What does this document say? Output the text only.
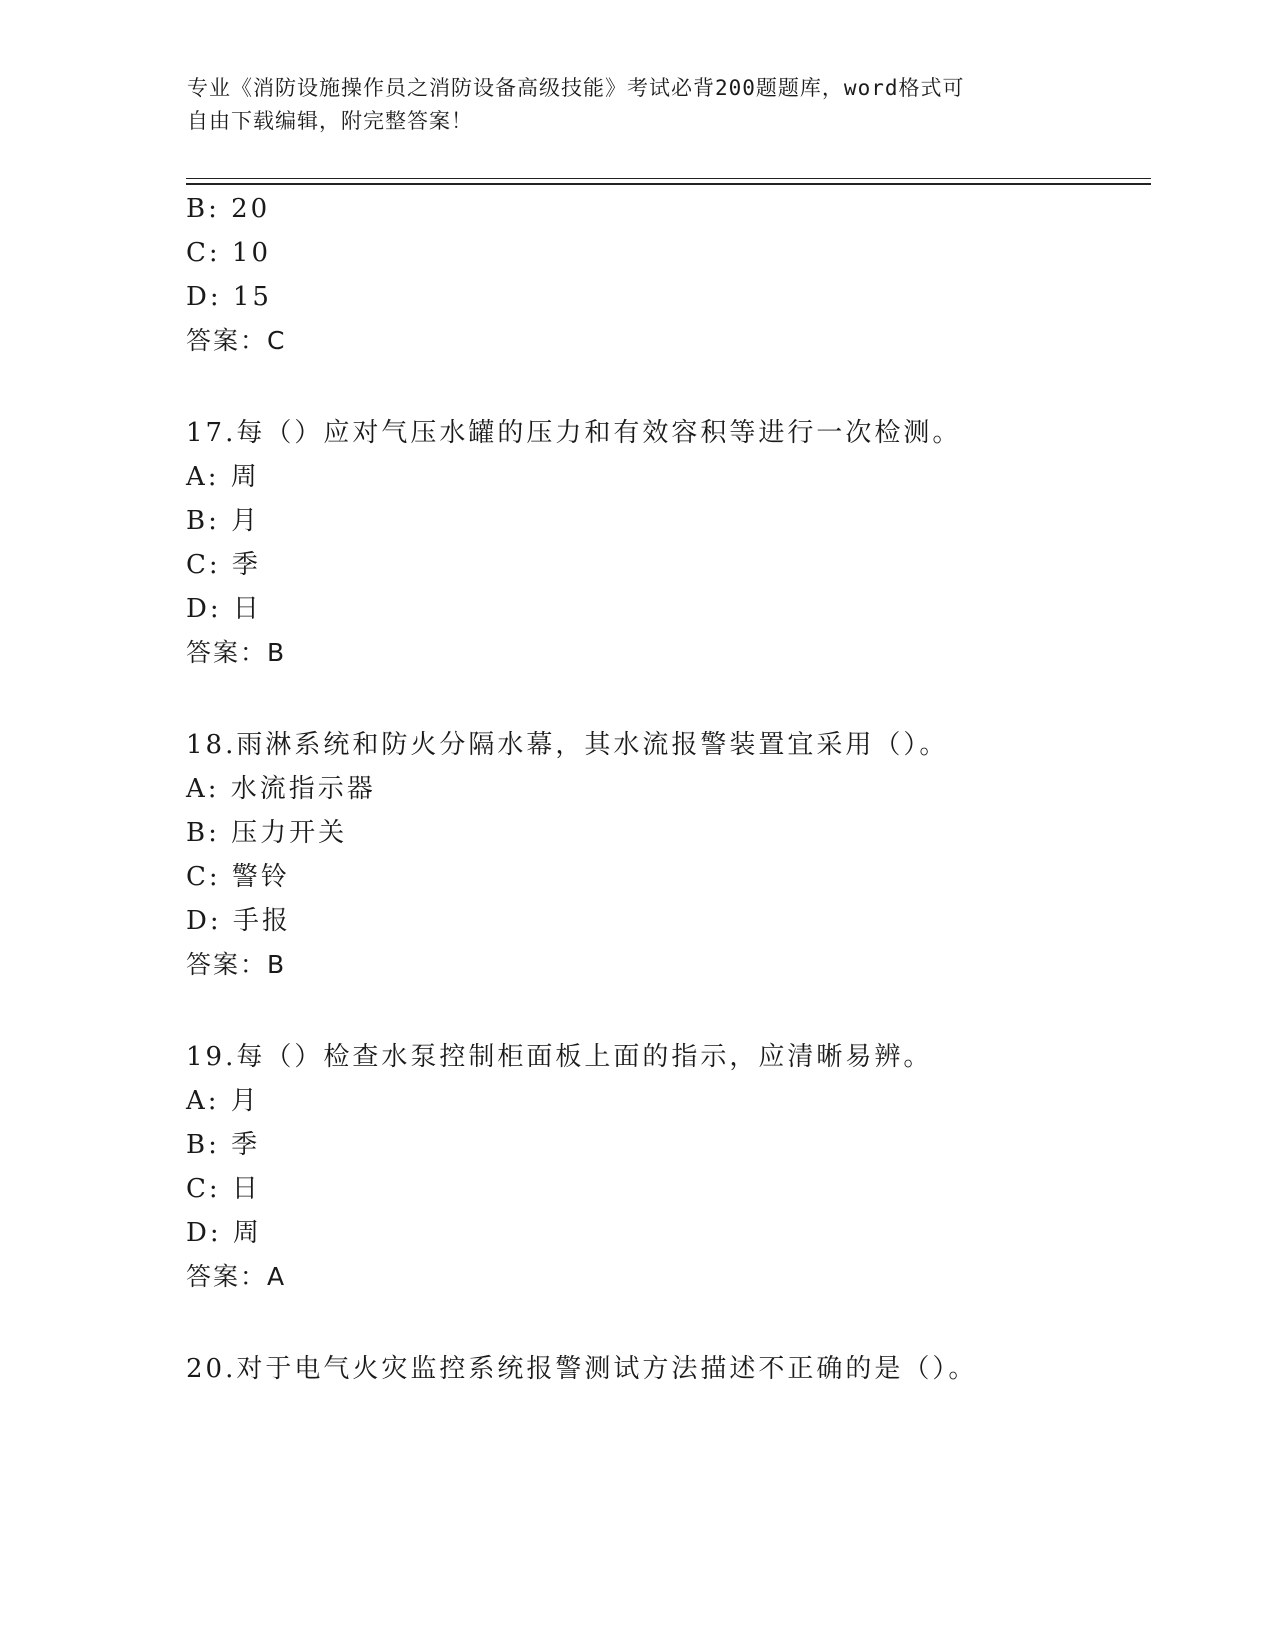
专业《消防设施操作员之消防设备高级技能》考试必背200题题库，word格式可
自由下载编辑，附完整答案！
B: 20
C: 10
D: 15
答案：C
17.每（）应对气压水罐的压力和有效容积等进行一次检测。
A: 周
B: 月
C: 季
D: 日
答案：B
18.雨淋系统和防火分隔水幕，其水流报警装置宜采用（）。
A: 水流指示器
B: 压力开关
C: 警铃
D: 手报
答案：B
19.每（）检查水泵控制柜面板上面的指示，应清晰易辨。
A: 月
B: 季
C: 日
D: 周
答案：A
20.对于电气火灾监控系统报警测试方法描述不正确的是（）。
